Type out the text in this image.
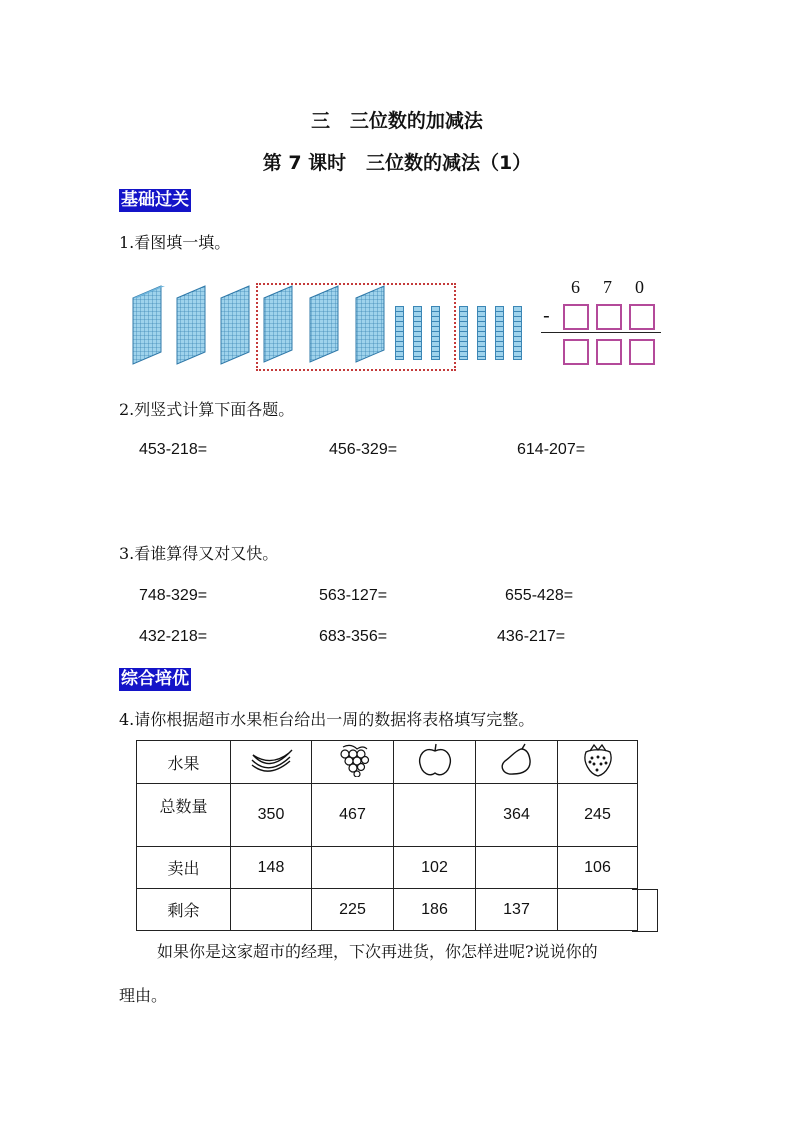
三   三位数的加减法
第 7 课时   三位数的减法（1）
基础过关
1.看图填一填。
6 7 0
-
2.列竖式计算下面各题。
453-218=	456-329=	614-207=
3.看谁算得又对又快。
748-329=	563-127=	655-428=
432-218=	683-356=	436-217=
综合培优
4.请你根据超市水果柜台给出一周的数据将表格填写完整。
水果					
总数量	350	467		364	245
卖出	148		102		106
剩余		225	186	137	
如果你是这家超市的经理，下次再进货，你怎样进呢?说说你的
理由。
